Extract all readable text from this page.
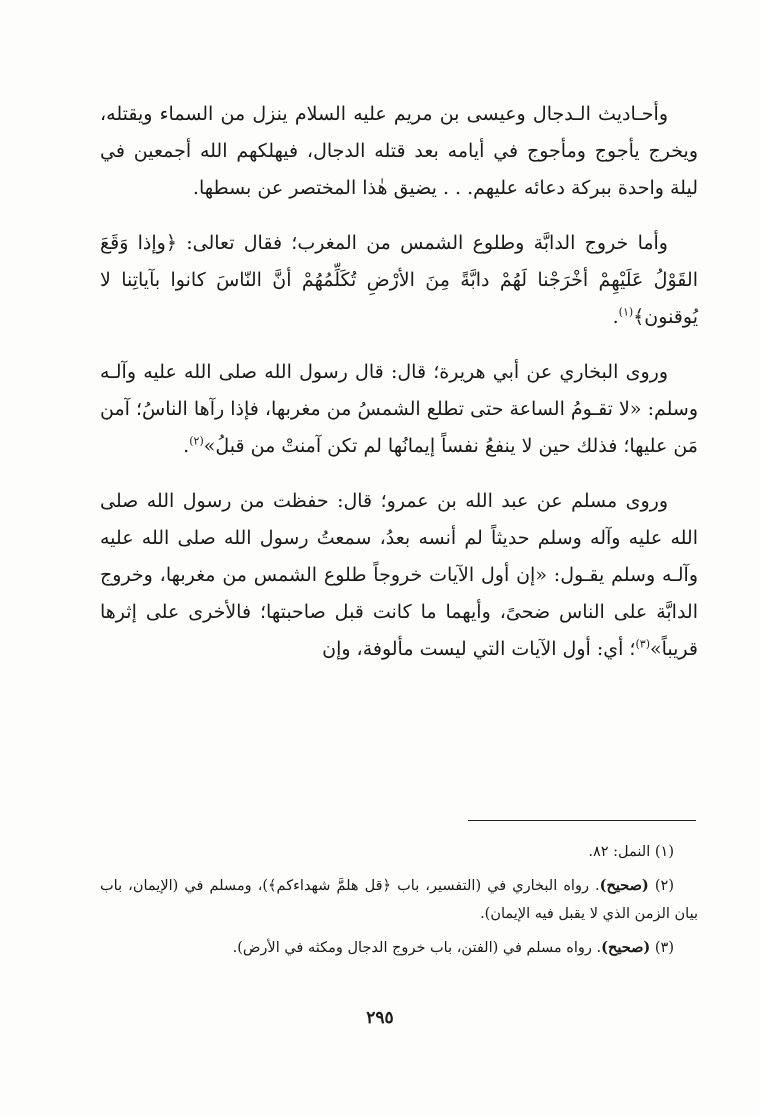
وأحـاديث الـدجال وعيسى بن مريم عليه السلام ينزل من السماء ويقتله، ويخرج يأجوج ومأجوج في أيامه بعد قتله الدجال، فيهلكهم الله أجمعين في ليلة واحدة ببركة دعائه عليهم. . . يضيق هٰذا المختصر عن بسطها.

وأما خروج الدابَّة وطلوع الشمس من المغرب؛ فقال تعالى: ﴿وإذا وَقَعَ القَوْلُ عَلَيْهِمْ أخْرَجْنا لَهُمْ دابَّةً مِنَ الأرْضِ تُكَلِّمُهُمْ أنَّ النّاسَ كانوا بآياتِنا لا يُوقنون﴾$^{(١)}$.

وروى البخاري عن أبي هريرة؛ قال: قال رسول الله صلى الله عليه وآلـه وسلم: «لا تقـومُ الساعة حتى تطلع الشمسُ من مغربها، فإذا رآها الناسُ؛ آمن مَن عليها؛ فذلك حين لا ينفعُ نفساً إيمانُها لم تكن آمنتْ من قبلُ»$^{(٢)}$.

وروى مسلم عن عبد الله بن عمرو؛ قال: حفظت من رسول الله صلى الله عليه وآله وسلم حديثاً لم أنسه بعدُ، سمعتُ رسول الله صلى الله عليه وآلـه وسلم يقـول: «إن أول الآيات خروجاً طلوع الشمس من مغربها، وخروج الدابَّة على الناس ضحىً، وأيهما ما كانت قبل صاحبتها؛ فالأخرى على إثرها قريباً»$^{(٣)}$؛ أي: أول الآيات التي ليست مألوفة، وإن

(١) النمل: ٨٢.

(٢) (صحيح). رواه البخاري في (التفسير، باب ﴿قل هلمَّ شهداءكم﴾)، ومسلم في (الإيمان، باب بيان الزمن الذي لا يقبل فيه الإيمان).

(٣) (صحيح). رواه مسلم في (الفتن، باب خروج الدجال ومكثه في الأرض).

٢٩٥
